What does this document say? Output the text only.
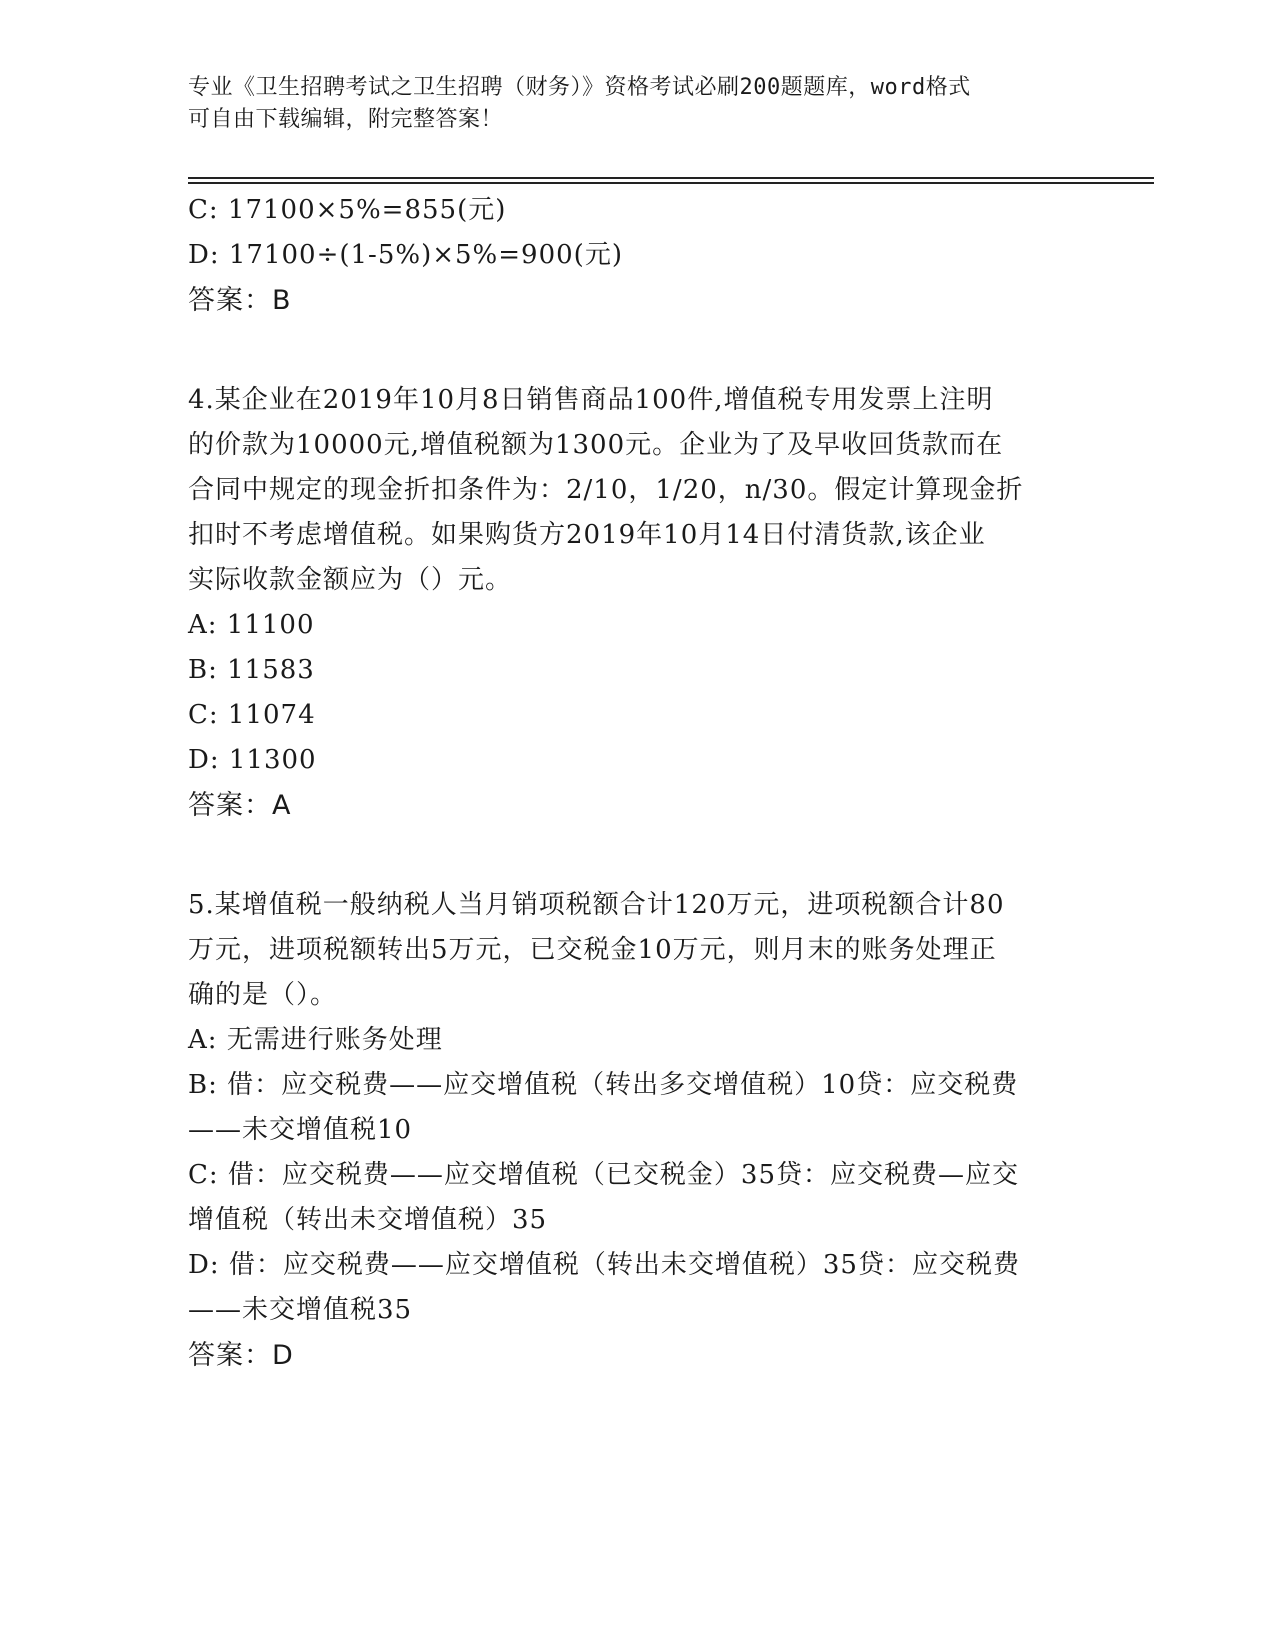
专业《卫生招聘考试之卫生招聘（财务）》资格考试必刷200题题库，word格式
可自由下载编辑，附完整答案！
C: 17100×5%=855(元)
D: 17100÷(1-5%)×5%=900(元)
答案：B
4.某企业在2019年10月8日销售商品100件,增值税专用发票上注明
的价款为10000元,增值税额为1300元。企业为了及早收回货款而在
合同中规定的现金折扣条件为：2/10，1/20，n/30。假定计算现金折
扣时不考虑增值税。如果购货方2019年10月14日付清货款,该企业
实际收款金额应为（）元。
A: 11100
B: 11583
C: 11074
D: 11300
答案：A
5.某增值税一般纳税人当月销项税额合计120万元，进项税额合计80
万元，进项税额转出5万元，已交税金10万元，则月末的账务处理正
确的是（）。
A: 无需进行账务处理
B: 借：应交税费——应交增值税（转出多交增值税）10贷：应交税费
——未交增值税10
C: 借：应交税费——应交增值税（已交税金）35贷：应交税费—应交
增值税（转出未交增值税）35
D: 借：应交税费——应交增值税（转出未交增值税）35贷：应交税费
——未交增值税35
答案：D
